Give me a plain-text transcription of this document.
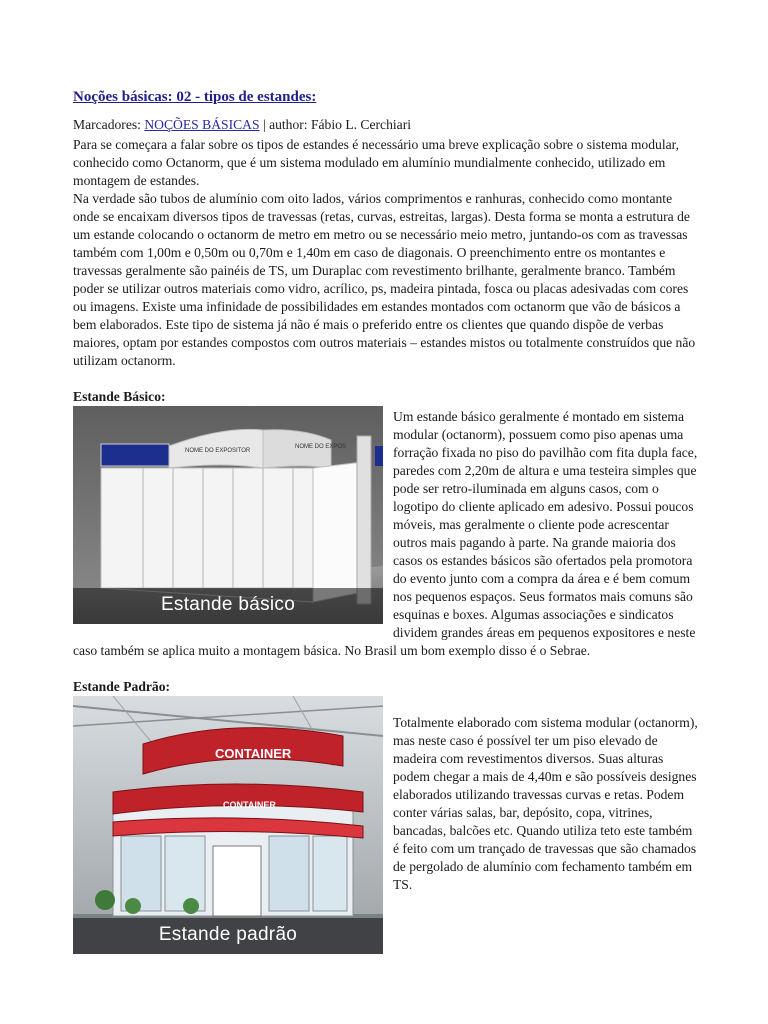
Noções básicas: 02 - tipos de estandes:
Marcadores: NOÇÕES BÁSICAS | author: Fábio L. Cerchiari

Para se começara a falar sobre os tipos de estandes é necessário uma breve explicação sobre o sistema modular, conhecido como Octanorm, que é um sistema modulado em alumínio mundialmente conhecido, utilizado em montagem de estandes.

Na verdade são tubos de alumínio com oito lados, vários comprimentos e ranhuras, conhecido como montante onde se encaixam diversos tipos de travessas (retas, curvas, estreitas, largas). Desta forma se monta a estrutura de um estande colocando o octanorm de metro em metro ou se necessário meio metro, juntando-os com as travessas também com 1,00m e 0,50m ou 0,70m e 1,40m em caso de diagonais. O preenchimento entre os montantes e travessas geralmente são painéis de TS, um Duraplac com revestimento brilhante, geralmente branco. Também poder se utilizar outros materiais como vidro, acrílico, ps, madeira pintada, fosca ou placas adesivadas com cores ou imagens. Existe uma infinidade de possibilidades em estandes montados com octanorm que vão de básicos a bem elaborados. Este tipo de sistema já não é mais o preferido entre os clientes que quando dispõe de verbas maiores, optam por estandes compostos com outros materiais – estandes mistos ou totalmente construídos que não utilizam octanorm.

Estande Básico:

NOME DO EXPOSITOR
NOME DO EXPOS
Estande básico

Um estande básico geralmente é montado em sistema modular (octanorm), possuem como piso apenas uma forração fixada no piso do pavilhão com fita dupla face, paredes com 2,20m de altura e uma testeira simples que pode ser retro-iluminada em alguns casos, com o logotipo do cliente aplicado em adesivo. Possui poucos móveis, mas geralmente o cliente pode acrescentar outros mais pagando à parte. Na grande maioria dos casos os estandes básicos são ofertados pela promotora do evento junto com a compra da área e é bem comum nos pequenos espaços. Seus formatos mais comuns são esquinas e boxes. Algumas associações e sindicatos dividem grandes áreas em pequenos expositores e neste caso também se aplica muito a montagem básica. No Brasil um bom exemplo disso é o Sebrae.

Estande Padrão:

CONTAINER
CONTAINER
Estande padrão

Totalmente elaborado com sistema modular (octanorm), mas neste caso é possível ter um piso elevado de madeira com revestimentos diversos. Suas alturas podem chegar a mais de 4,40m e são possíveis designes elaborados utilizando travessas curvas e retas. Podem conter várias salas, bar, depósito, copa, vitrines, bancadas, balcões etc. Quando utiliza teto este também é feito com um trançado de travessas que são chamados de pergolado de alumínio com fechamento também em TS.
